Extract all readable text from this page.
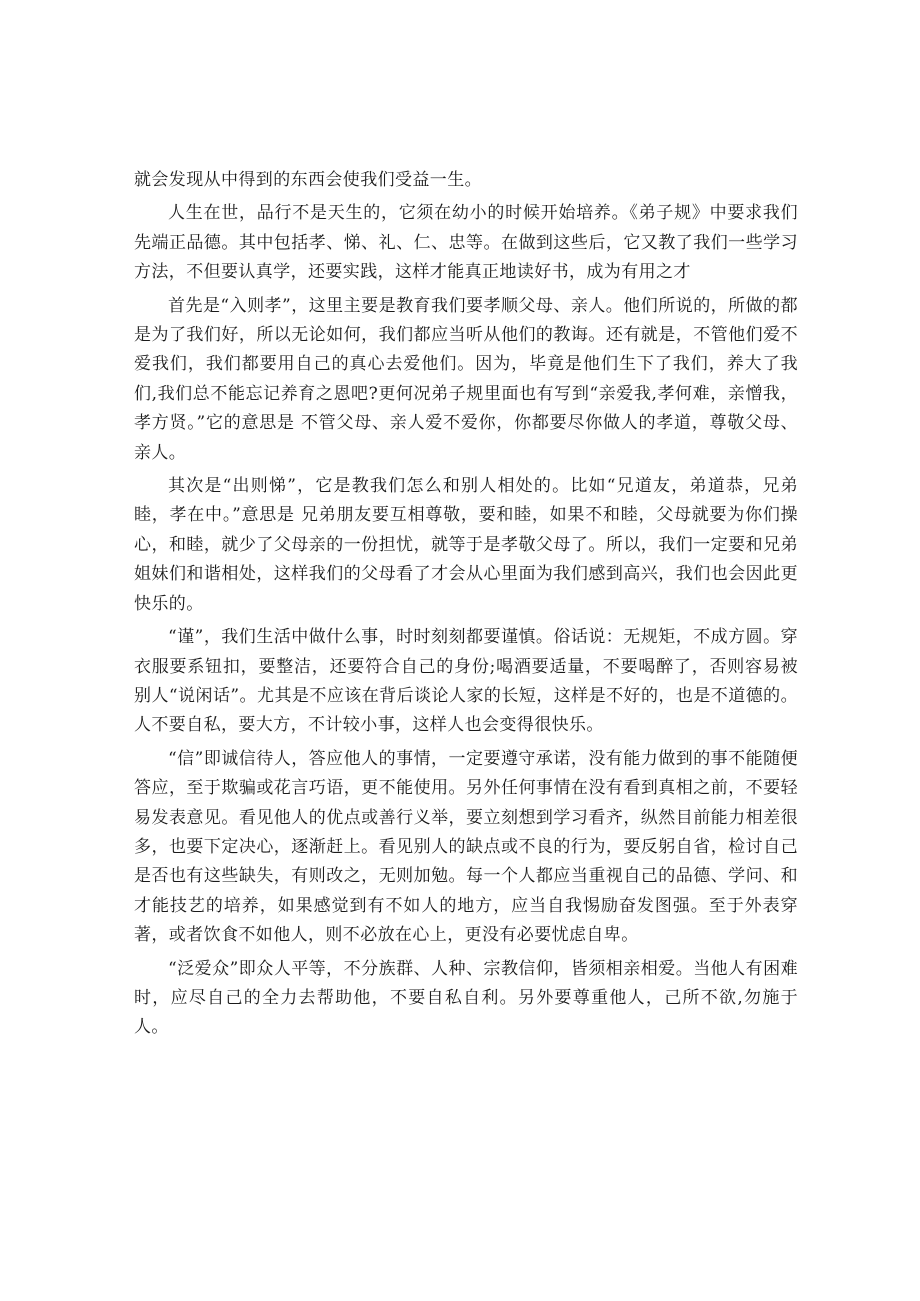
就会发现从中得到的东西会使我们受益一生。

人生在世，品行不是天生的，它须在幼小的时候开始培养。《弟子规》中要求我们先端正品德。其中包括孝、悌、礼、仁、忠等。在做到这些后，它又教了我们一些学习方法，不但要认真学，还要实践，这样才能真正地读好书，成为有用之才

首先是“入则孝”，这里主要是教育我们要孝顺父母、亲人。他们所说的，所做的都是为了我们好，所以无论如何，我们都应当听从他们的教诲。还有就是，不管他们爱不爱我们，我们都要用自己的真心去爱他们。因为，毕竟是他们生下了我们，养大了我们,我们总不能忘记养育之恩吧?更何况弟子规里面也有写到“亲爱我,孝何难，亲憎我，孝方贤。”它的意思是 不管父母、亲人爱不爱你，你都要尽你做人的孝道，尊敬父母、亲人。

其次是“出则悌”，它是教我们怎么和别人相处的。比如“兄道友，弟道恭，兄弟睦，孝在中。”意思是 兄弟朋友要互相尊敬，要和睦，如果不和睦，父母就要为你们操心，和睦，就少了父母亲的一份担忧，就等于是孝敬父母了。所以，我们一定要和兄弟姐妹们和谐相处，这样我们的父母看了才会从心里面为我们感到高兴，我们也会因此更快乐的。

“谨”，我们生活中做什么事，时时刻刻都要谨慎。俗话说：无规矩，不成方圆。穿衣服要系钮扣，要整洁，还要符合自己的身份;喝酒要适量，不要喝醉了，否则容易被别人“说闲话”。尤其是不应该在背后谈论人家的长短，这样是不好的，也是不道德的。人不要自私，要大方，不计较小事，这样人也会变得很快乐。

“信”即诚信待人，答应他人的事情，一定要遵守承诺，没有能力做到的事不能随便答应，至于欺骗或花言巧语，更不能使用。另外任何事情在没有看到真相之前，不要轻易发表意见。看见他人的优点或善行义举，要立刻想到学习看齐，纵然目前能力相差很多，也要下定决心，逐渐赶上。看见别人的缺点或不良的行为，要反躬自省，检讨自己是否也有这些缺失，有则改之，无则加勉。每一个人都应当重视自己的品德、学问、和才能技艺的培养，如果感觉到有不如人的地方，应当自我惕励奋发图强。至于外表穿著，或者饮食不如他人，则不必放在心上，更没有必要忧虑自卑。

“泛爱众”即众人平等，不分族群、人种、宗教信仰，皆须相亲相爱。当他人有困难时，应尽自己的全力去帮助他，不要自私自利。另外要尊重他人，己所不欲,勿施于人。
